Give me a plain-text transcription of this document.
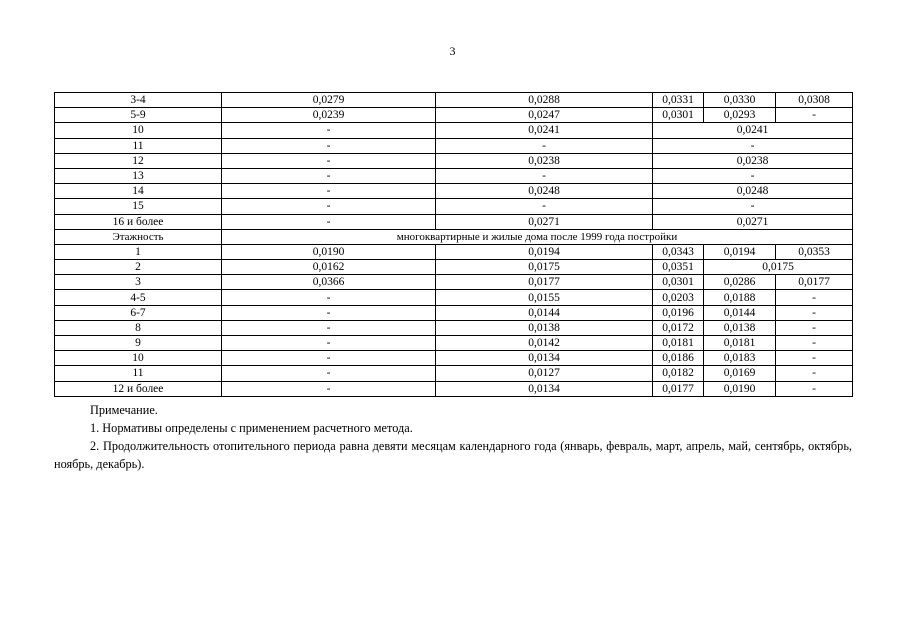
3
3-4	0,0279	0,0288	0,0331	0,0330	0,0308
5-9	0,0239	0,0247	0,0301	0,0293	-
10	-	0,0241	0,0241		
11	-	-	-		
12	-	0,0238	0,0238		
13	-	-	-		
14	-	0,0248	0,0248		
15	-	-	-		
16 и более	-	0,0271	0,0271		
Этажность	многоквартирные и жилые дома после 1999 года постройки				
1	0,0190	0,0194	0,0343	0,0194	0,0353
2	0,0162	0,0175	0,0351	0,0175	
3	0,0366	0,0177	0,0301	0,0286	0,0177
4-5	-	0,0155	0,0203	0,0188	-
6-7	-	0,0144	0,0196	0,0144	-
8	-	0,0138	0,0172	0,0138	-
9	-	0,0142	0,0181	0,0181	-
10	-	0,0134	0,0186	0,0183	-
11	-	0,0127	0,0182	0,0169	-
12 и более	-	0,0134	0,0177	0,0190	-

Примечание.

1. Нормативы определены с применением расчетного метода.

2. Продолжительность отопительного периода равна девяти месяцам календарного года (январь, февраль, март, апрель, май, сентябрь, октябрь, ноябрь, декабрь).
